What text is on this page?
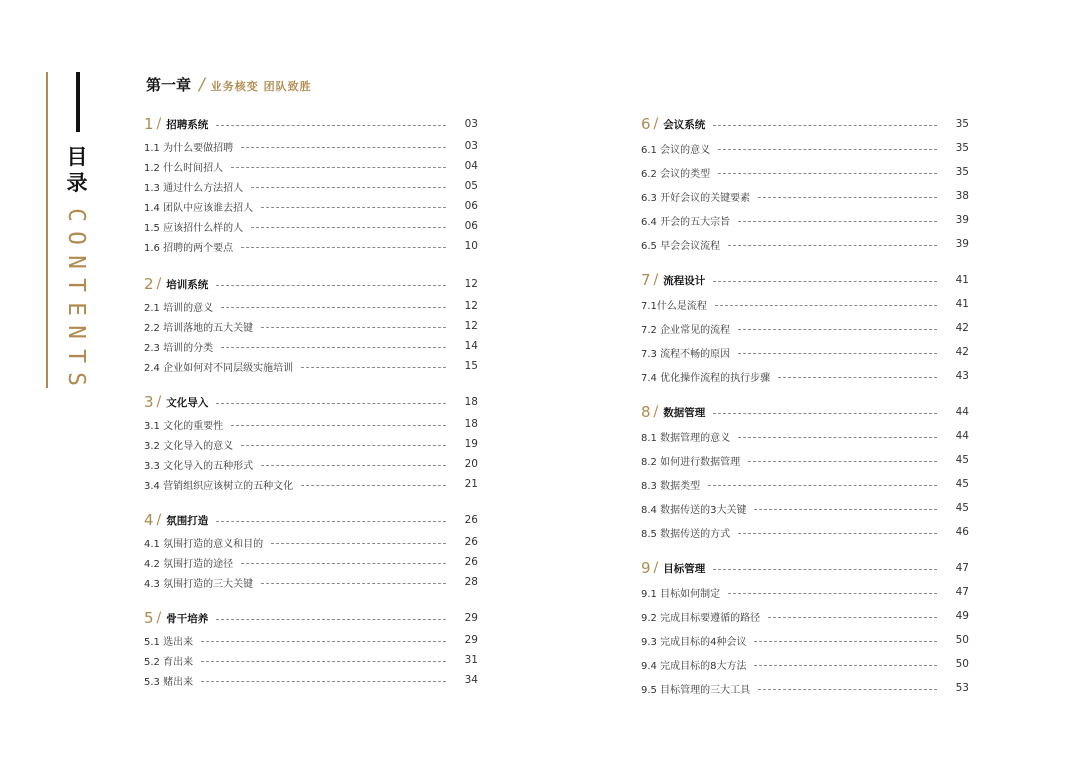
目
录
C
O
N
T
E
N
T
S
第一章 / 业务核变 团队致胜
1 / 招聘系统	03
1.1 为什么要做招聘	03
1.2 什么时间招人	04
1.3 通过什么方法招人	05
1.4 团队中应该谁去招人	06
1.5 应该招什么样的人	06
1.6 招聘的两个要点	10
2 / 培训系统	12
2.1 培训的意义	12
2.2 培训落地的五大关键	12
2.3 培训的分类	14
2.4 企业如何对不同层级实施培训	15
3 / 文化导入	18
3.1 文化的重要性	18
3.2 文化导入的意义	19
3.3 文化导入的五种形式	20
3.4 营销组织应该树立的五种文化	21
4 / 氛围打造	26
4.1 氛围打造的意义和目的	26
4.2 氛围打造的途径	26
4.3 氛围打造的三大关键	28
5 / 骨干培养	29
5.1 选出来	29
5.2 育出来	31
5.3 赌出来	34
6 / 会议系统	35
6.1 会议的意义	35
6.2 会议的类型	35
6.3 开好会议的关键要素	38
6.4 开会的五大宗旨	39
6.5 早会会议流程	39
7 / 流程设计	41
7.1什么是流程	41
7.2 企业常见的流程	42
7.3 流程不畅的原因	42
7.4 优化操作流程的执行步骤	43
8 / 数据管理	44
8.1 数据管理的意义	44
8.2 如何进行数据管理	45
8.3 数据类型	45
8.4 数据传送的3大关键	45
8.5 数据传送的方式	46
9 / 目标管理	47
9.1 目标如何制定	47
9.2 完成目标要遵循的路径	49
9.3 完成目标的4种会议	50
9.4 完成目标的8大方法	50
9.5 目标管理的三大工具	53
